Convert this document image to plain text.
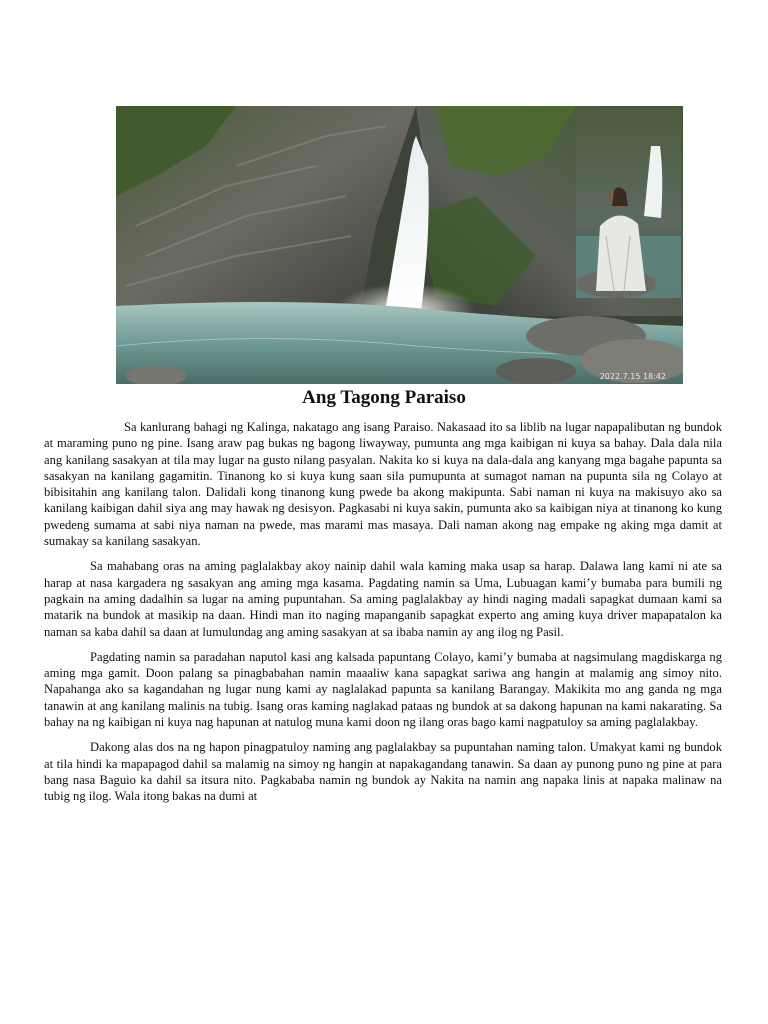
2022.7.15 18:42
Ang Tagong Paraiso

Sa kanlurang bahagi ng Kalinga, nakatago ang isang Paraiso. Nakasaad ito sa liblib na lugar napapalibutan ng bundok at maraming puno ng pine. Isang araw pag bukas ng bagong liwayway, pumunta ang mga kaibigan ni kuya sa bahay. Dala dala nila ang kanilang sasakyan at tila may lugar na gusto nilang pasyalan. Nakita ko si kuya na dala-dala ang kanyang mga bagahe papunta sa sasakyan na kanilang gagamitin. Tinanong ko si kuya kung saan sila pumupunta at sumagot naman na pupunta sila ng Colayo at bibisitahin ang kanilang talon. Dalidali kong tinanong kung pwede ba akong makipunta. Sabi naman ni kuya na makisuyo ako sa kanilang kaibigan dahil siya ang may hawak ng desisyon. Pagkasabi ni kuya sakin, pumunta ako sa kaibigan niya at tinanong ko kung pwedeng sumama at sabi niya naman na pwede, mas marami mas masaya. Dali naman akong nag empake ng aking mga damit at sumakay sa kanilang sasakyan.

Sa mahabang oras na aming paglalakbay akoy nainip dahil wala kaming maka usap sa harap. Dalawa lang kami ni ate sa harap at nasa kargadera ng sasakyan ang aming mga kasama. Pagdating namin sa Uma, Lubuagan kami’y bumaba para bumili ng pagkain na aming dadalhin sa lugar na aming pupuntahan. Sa aming paglalakbay ay hindi naging madali sapagkat dumaan kami sa matarik na bundok at masikip na daan. Hindi man ito naging mapanganib sapagkat experto ang aming kuya driver mapapatalon ka naman sa kaba dahil sa daan at lumulundag ang aming sasakyan at sa ibaba namin ay ang ilog ng Pasil.

Pagdating namin sa paradahan naputol kasi ang kalsada papuntang Colayo, kami’y bumaba at nagsimulang magdiskarga ng aming mga gamit. Doon palang sa pinagbabahan namin maaaliw kana sapagkat sariwa ang hangin at malamig ang simoy nito. Napahanga ako sa kagandahan ng lugar nung kami ay naglalakad papunta sa kanilang Barangay. Makikita mo ang ganda ng mga tanawin at ang kanilang malinis na tubig. Isang oras kaming naglakad pataas ng bundok at sa dakong hapunan na kami nakarating. Sa bahay na ng kaibigan ni kuya nag hapunan at natulog muna kami doon ng ilang oras bago kami nagpatuloy sa aming paglalakbay.

Dakong alas dos na ng hapon pinagpatuloy naming ang paglalakbay sa pupuntahan naming talon. Umakyat kami ng bundok at tila hindi ka mapapagod dahil sa malamig na simoy ng hangin at napakagandang tanawin. Sa daan ay punong puno ng pine at para bang nasa Baguio ka dahil sa itsura nito. Pagkababa namin ng bundok ay Nakita na namin ang napaka linis at napaka malinaw na tubig ng ilog. Wala itong bakas na dumi at
